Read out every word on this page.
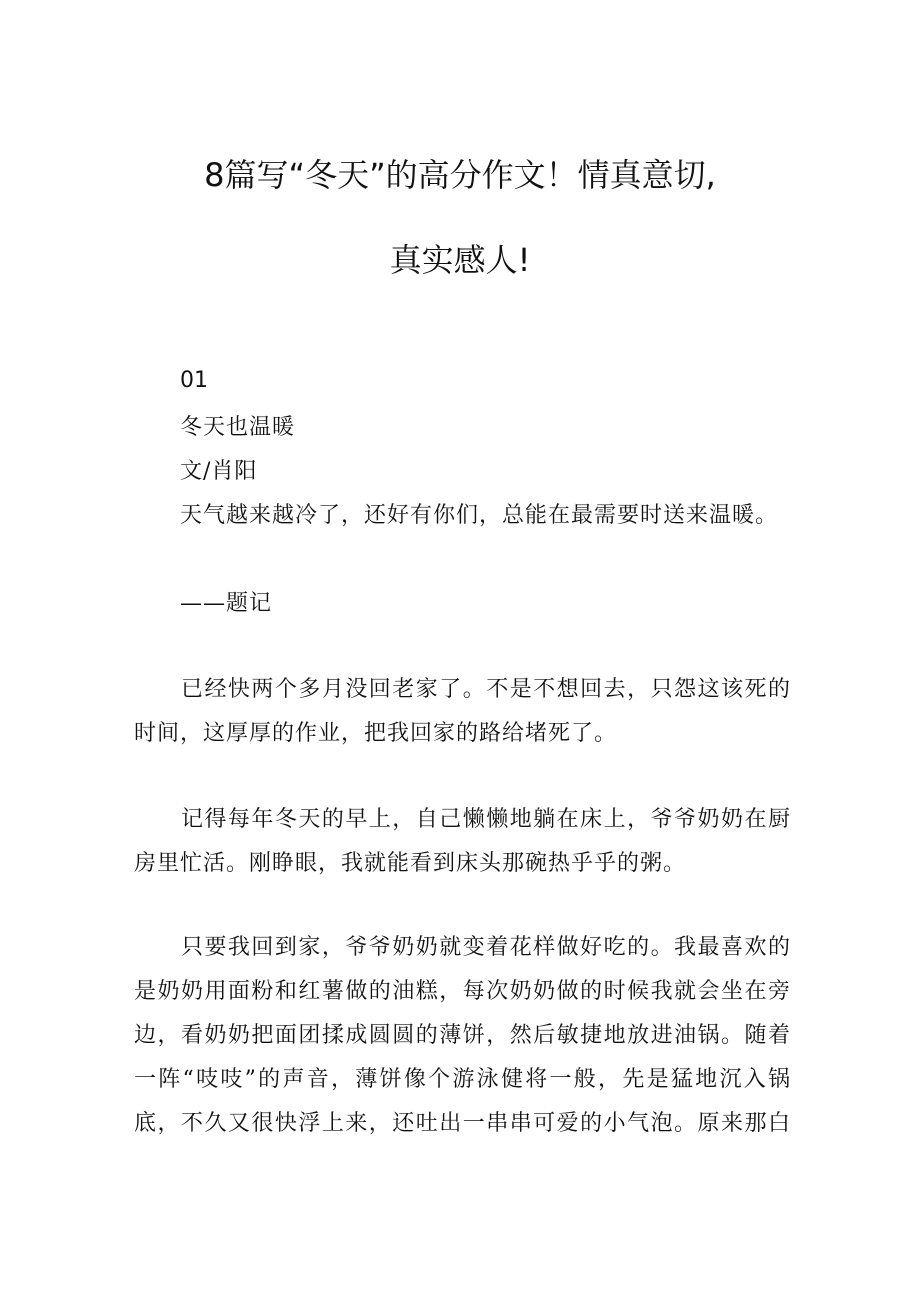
8篇写“冬天”的高分作文！情真意切,
真实感人!

01

冬天也温暖

文/肖阳

天气越来越冷了，还好有你们，总能在最需要时送来温暖。

——题记

　　已经快两个多月没回老家了。不是不想回去，只怨这该死的

时间，这厚厚的作业，把我回家的路给堵死了。

　　记得每年冬天的早上，自己懒懒地躺在床上，爷爷奶奶在厨

房里忙活。刚睁眼，我就能看到床头那碗热乎乎的粥。

　　只要我回到家，爷爷奶奶就变着花样做好吃的。我最喜欢的

是奶奶用面粉和红薯做的油糕，每次奶奶做的时候我就会坐在旁

边，看奶奶把面团揉成圆圆的薄饼，然后敏捷地放进油锅。随着

一阵“吱吱”的声音，薄饼像个游泳健将一般，先是猛地沉入锅

底，不久又很快浮上来，还吐出一串串可爱的小气泡。原来那白
